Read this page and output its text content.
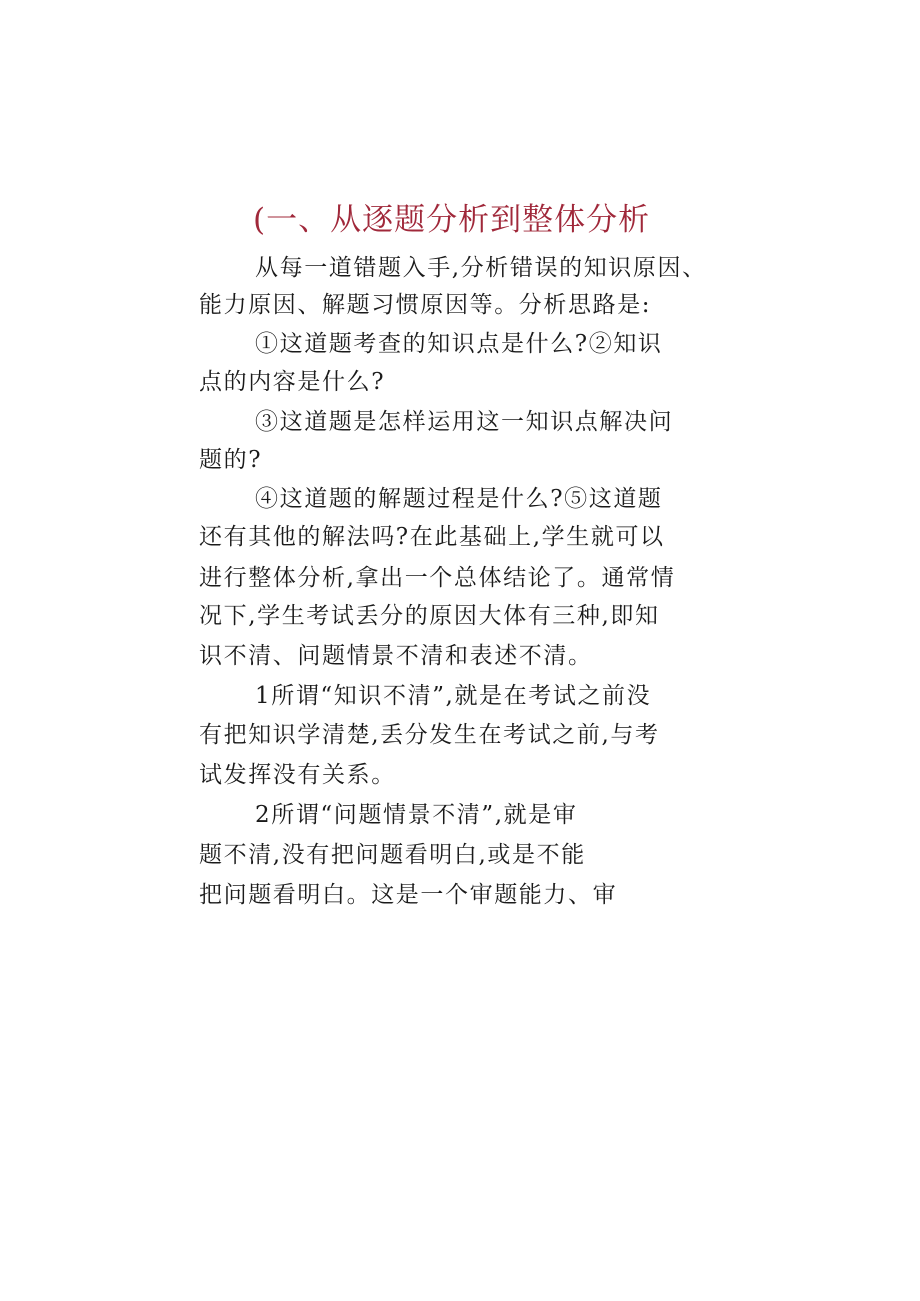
(一、从逐题分析到整体分析
从每一道错题入手,分析错误的知识原因、
能力原因、解题习惯原因等。分析思路是:
①这道题考查的知识点是什么?②知识
点的内容是什么?
③这道题是怎样运用这一知识点解决问
题的?
④这道题的解题过程是什么?⑤这道题
还有其他的解法吗?在此基础上,学生就可以
进行整体分析,拿出一个总体结论了。通常情
况下,学生考试丢分的原因大体有三种,即知
识不清、问题情景不清和表述不清。
1所谓“知识不清”,就是在考试之前没
有把知识学清楚,丢分发生在考试之前,与考
试发挥没有关系。
2所谓“问题情景不清”,就是审
题不清,没有把问题看明白,或是不能
把问题看明白。这是一个审题能力、审
